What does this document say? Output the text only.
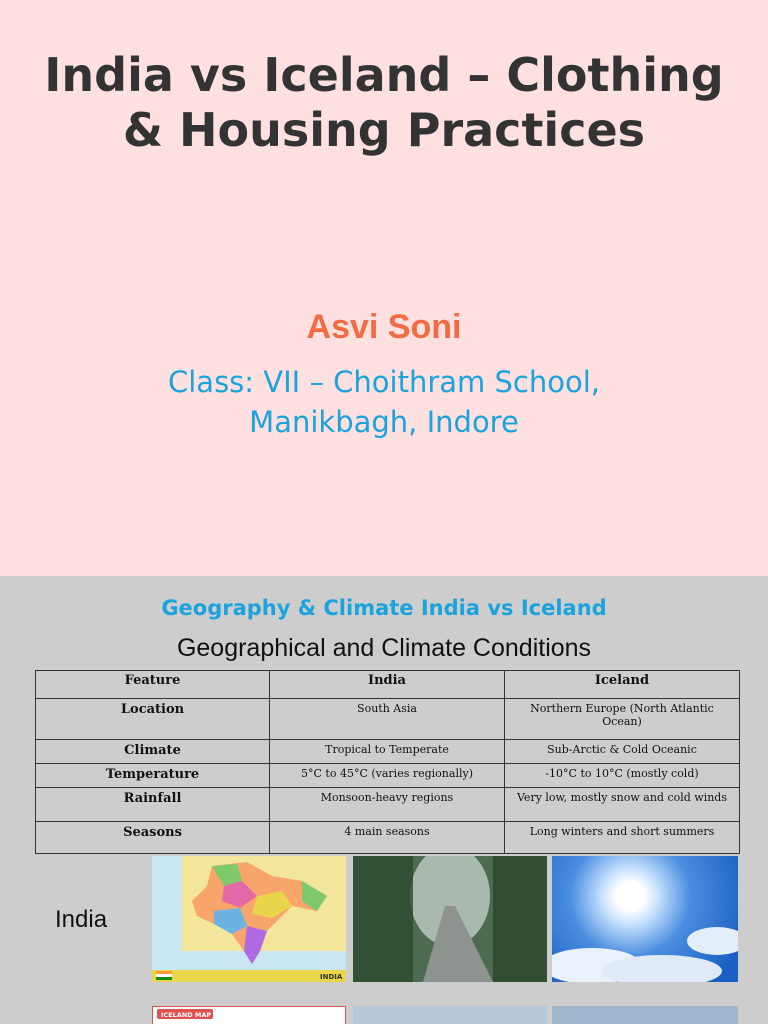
India vs Iceland – Clothing & Housing Practices
Asvi Soni
Class: VII – Choithram School, Manikbagh, Indore
Geography & Climate India vs Iceland
Geographical and Climate Conditions
Feature	India	Iceland
Location	South Asia	Northern Europe (North Atlantic Ocean)
Climate	Tropical to Temperate	Sub-Arctic & Cold Oceanic
Temperature	5°C to 45°C (varies regionally)	-10°C to 10°C (mostly cold)
Rainfall	Monsoon-heavy regions	Very low, mostly snow and cold winds
Seasons	4 main seasons	Long winters and short summers
India
INDIA
ICELAND MAP
